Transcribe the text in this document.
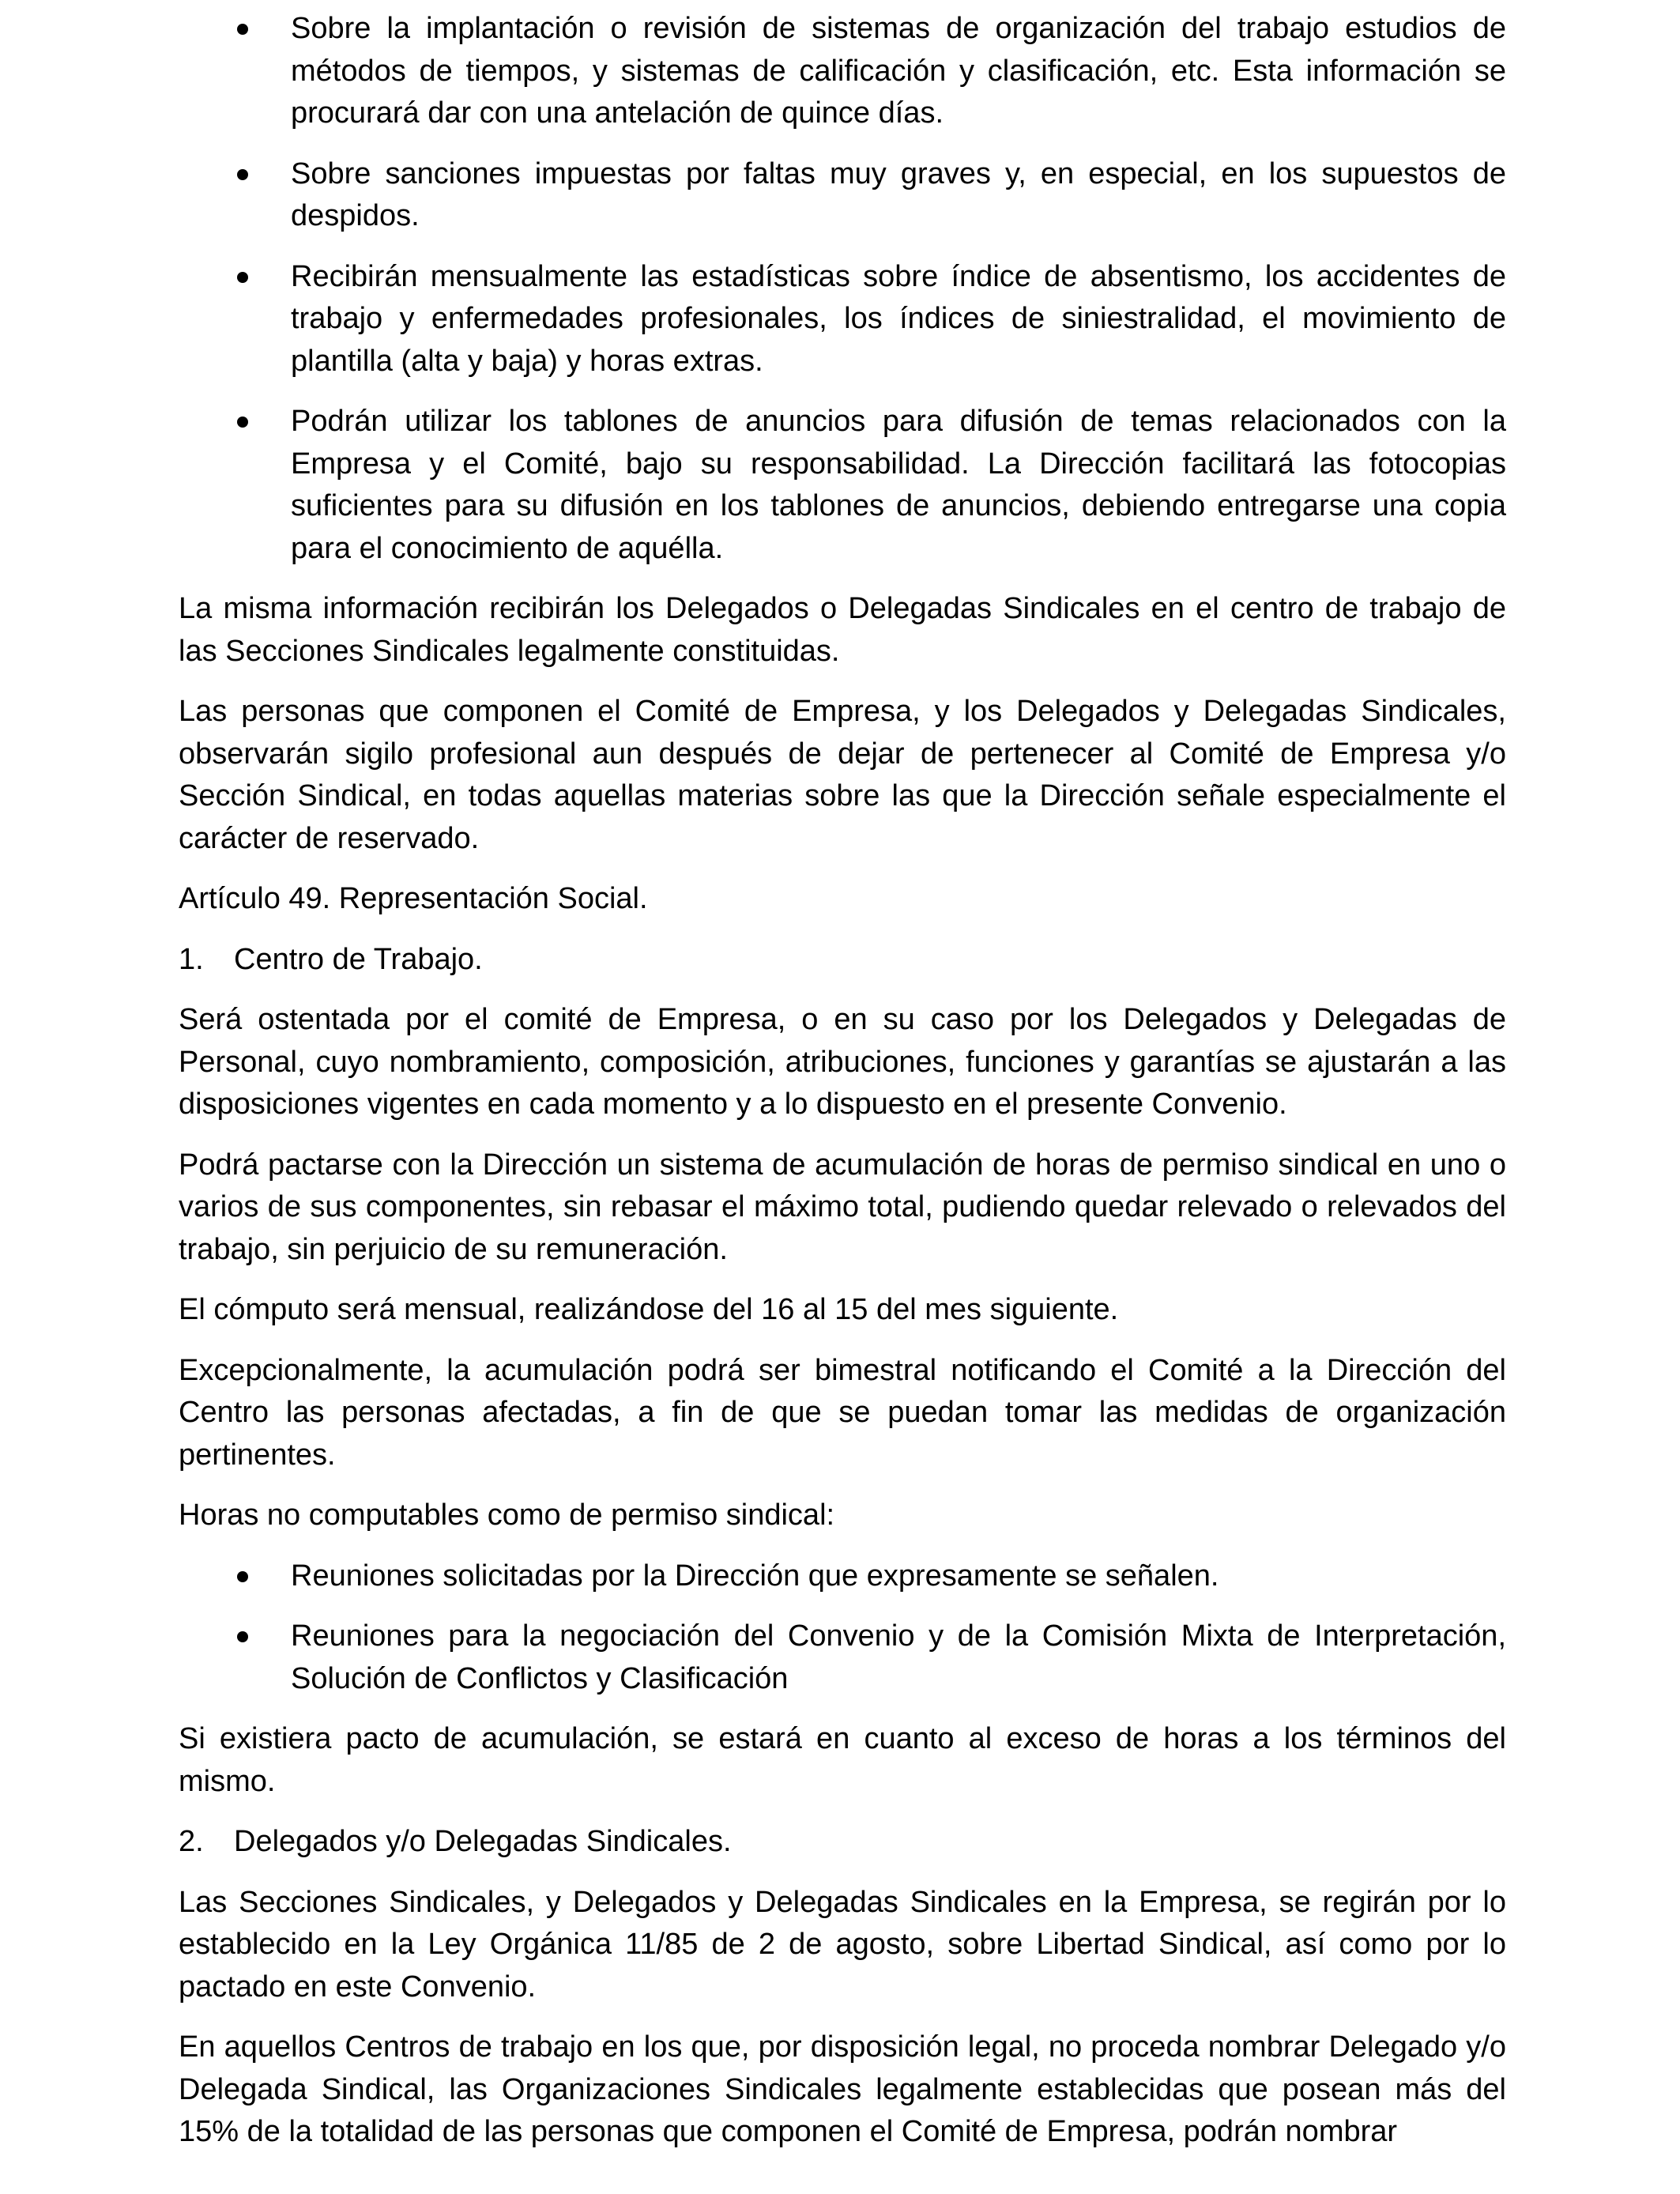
Sobre la implantación o revisión de sistemas de organización del trabajo estudios de métodos de tiempos, y sistemas de calificación y clasificación, etc. Esta información se procurará dar con una antelación de quince días.
Sobre sanciones impuestas por faltas muy graves y, en especial, en los supuestos de despidos.
Recibirán mensualmente las estadísticas sobre índice de absentismo, los accidentes de trabajo y enfermedades profesionales, los índices de siniestralidad, el movimiento de plantilla (alta y baja) y horas extras.
Podrán utilizar los tablones de anuncios para difusión de temas relacionados con la Empresa y el Comité, bajo su responsabilidad. La Dirección facilitará las fotocopias suficientes para su difusión en los tablones de anuncios, debiendo entregarse una copia para el conocimiento de aquélla.

La misma información recibirán los Delegados o Delegadas Sindicales en el centro de trabajo de las Secciones Sindicales legalmente constituidas.

Las personas que componen el Comité de Empresa, y los Delegados y Delegadas Sindicales, observarán sigilo profesional aun después de dejar de pertenecer al Comité de Empresa y/o Sección Sindical, en todas aquellas materias sobre las que la Dirección señale especialmente el carácter de reservado.

Artículo 49. Representación Social.

1. Centro de Trabajo.

Será ostentada por el comité de Empresa, o en su caso por los Delegados y Delegadas de Personal, cuyo nombramiento, composición, atribuciones, funciones y garantías se ajustarán a las disposiciones vigentes en cada momento y a lo dispuesto en el presente Convenio.

Podrá pactarse con la Dirección un sistema de acumulación de horas de permiso sindical en uno o varios de sus componentes, sin rebasar el máximo total, pudiendo quedar relevado o relevados del trabajo, sin perjuicio de su remuneración.

El cómputo será mensual, realizándose del 16 al 15 del mes siguiente.

Excepcionalmente, la acumulación podrá ser bimestral notificando el Comité a la Dirección del Centro las personas afectadas, a fin de que se puedan tomar las medidas de organización pertinentes.

Horas no computables como de permiso sindical:

Reuniones solicitadas por la Dirección que expresamente se señalen.
Reuniones para la negociación del Convenio y de la Comisión Mixta de Interpretación, Solución de Conflictos y Clasificación

Si existiera pacto de acumulación, se estará en cuanto al exceso de horas a los términos del mismo.

2. Delegados y/o Delegadas Sindicales.

Las Secciones Sindicales, y Delegados y Delegadas Sindicales en la Empresa, se regirán por lo establecido en la Ley Orgánica 11/85 de 2 de agosto, sobre Libertad Sindical, así como por lo pactado en este Convenio.

En aquellos Centros de trabajo en los que, por disposición legal, no proceda nombrar Delegado y/o Delegada Sindical, las Organizaciones Sindicales legalmente establecidas que posean más del 15% de la totalidad de las personas que componen el Comité de Empresa, podrán nombrar
